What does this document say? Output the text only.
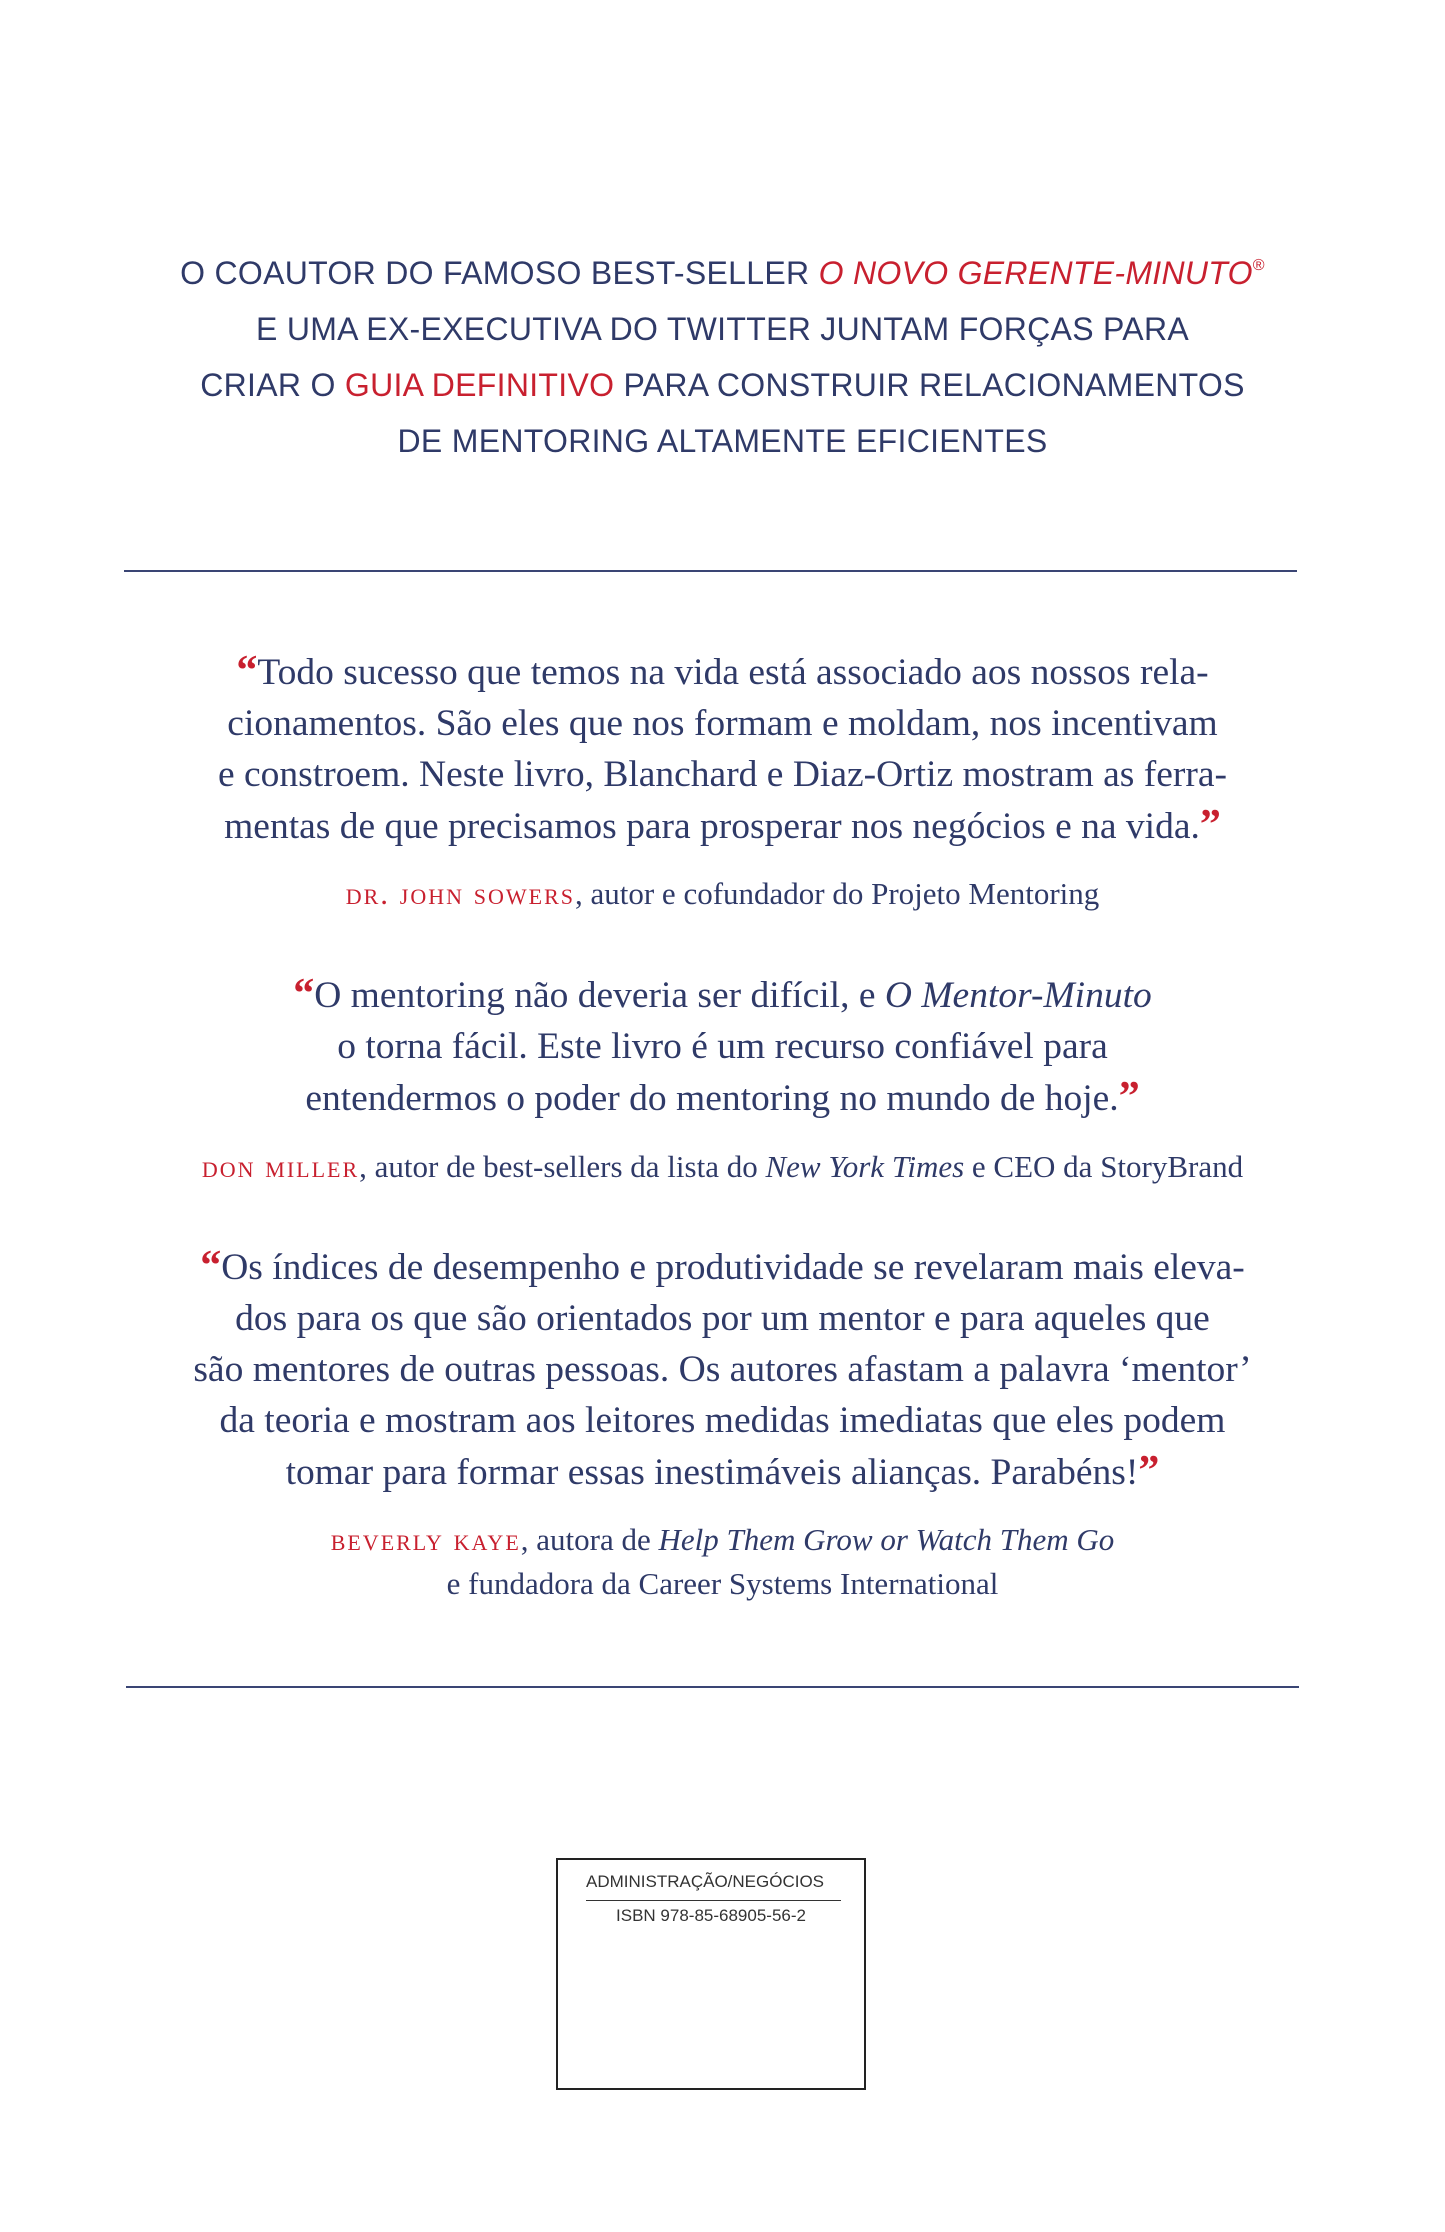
O COAUTOR DO FAMOSO BEST-SELLER O NOVO GERENTE-MINUTO®
E UMA EX-EXECUTIVA DO TWITTER JUNTAM FORÇAS PARA
CRIAR O GUIA DEFINITIVO PARA CONSTRUIR RELACIONAMENTOS
DE MENTORING ALTAMENTE EFICIENTES
“Todo sucesso que temos na vida está associado aos nossos rela-
cionamentos. São eles que nos formam e moldam, nos incentivam
e constroem. Neste livro, Blanchard e Diaz-Ortiz mostram as ferra-
mentas de que precisamos para prosperar nos negócios e na vida.”
dr. john sowers, autor e cofundador do Projeto Mentoring
“O mentoring não deveria ser difícil, e O Mentor-Minuto
o torna fácil. Este livro é um recurso confiável para
entendermos o poder do mentoring no mundo de hoje.”
don miller, autor de best-sellers da lista do New York Times e CEO da StoryBrand
“Os índices de desempenho e produtividade se revelaram mais eleva-
dos para os que são orientados por um mentor e para aqueles que
são mentores de outras pessoas. Os autores afastam a palavra ‘mentor’
da teoria e mostram aos leitores medidas imediatas que eles podem
tomar para formar essas inestimáveis alianças. Parabéns!”
beverly kaye, autora de Help Them Grow or Watch Them Go
e fundadora da Career Systems International
ADMINISTRAÇÃO/NEGÓCIOS
ISBN 978-85-68905-56-2
